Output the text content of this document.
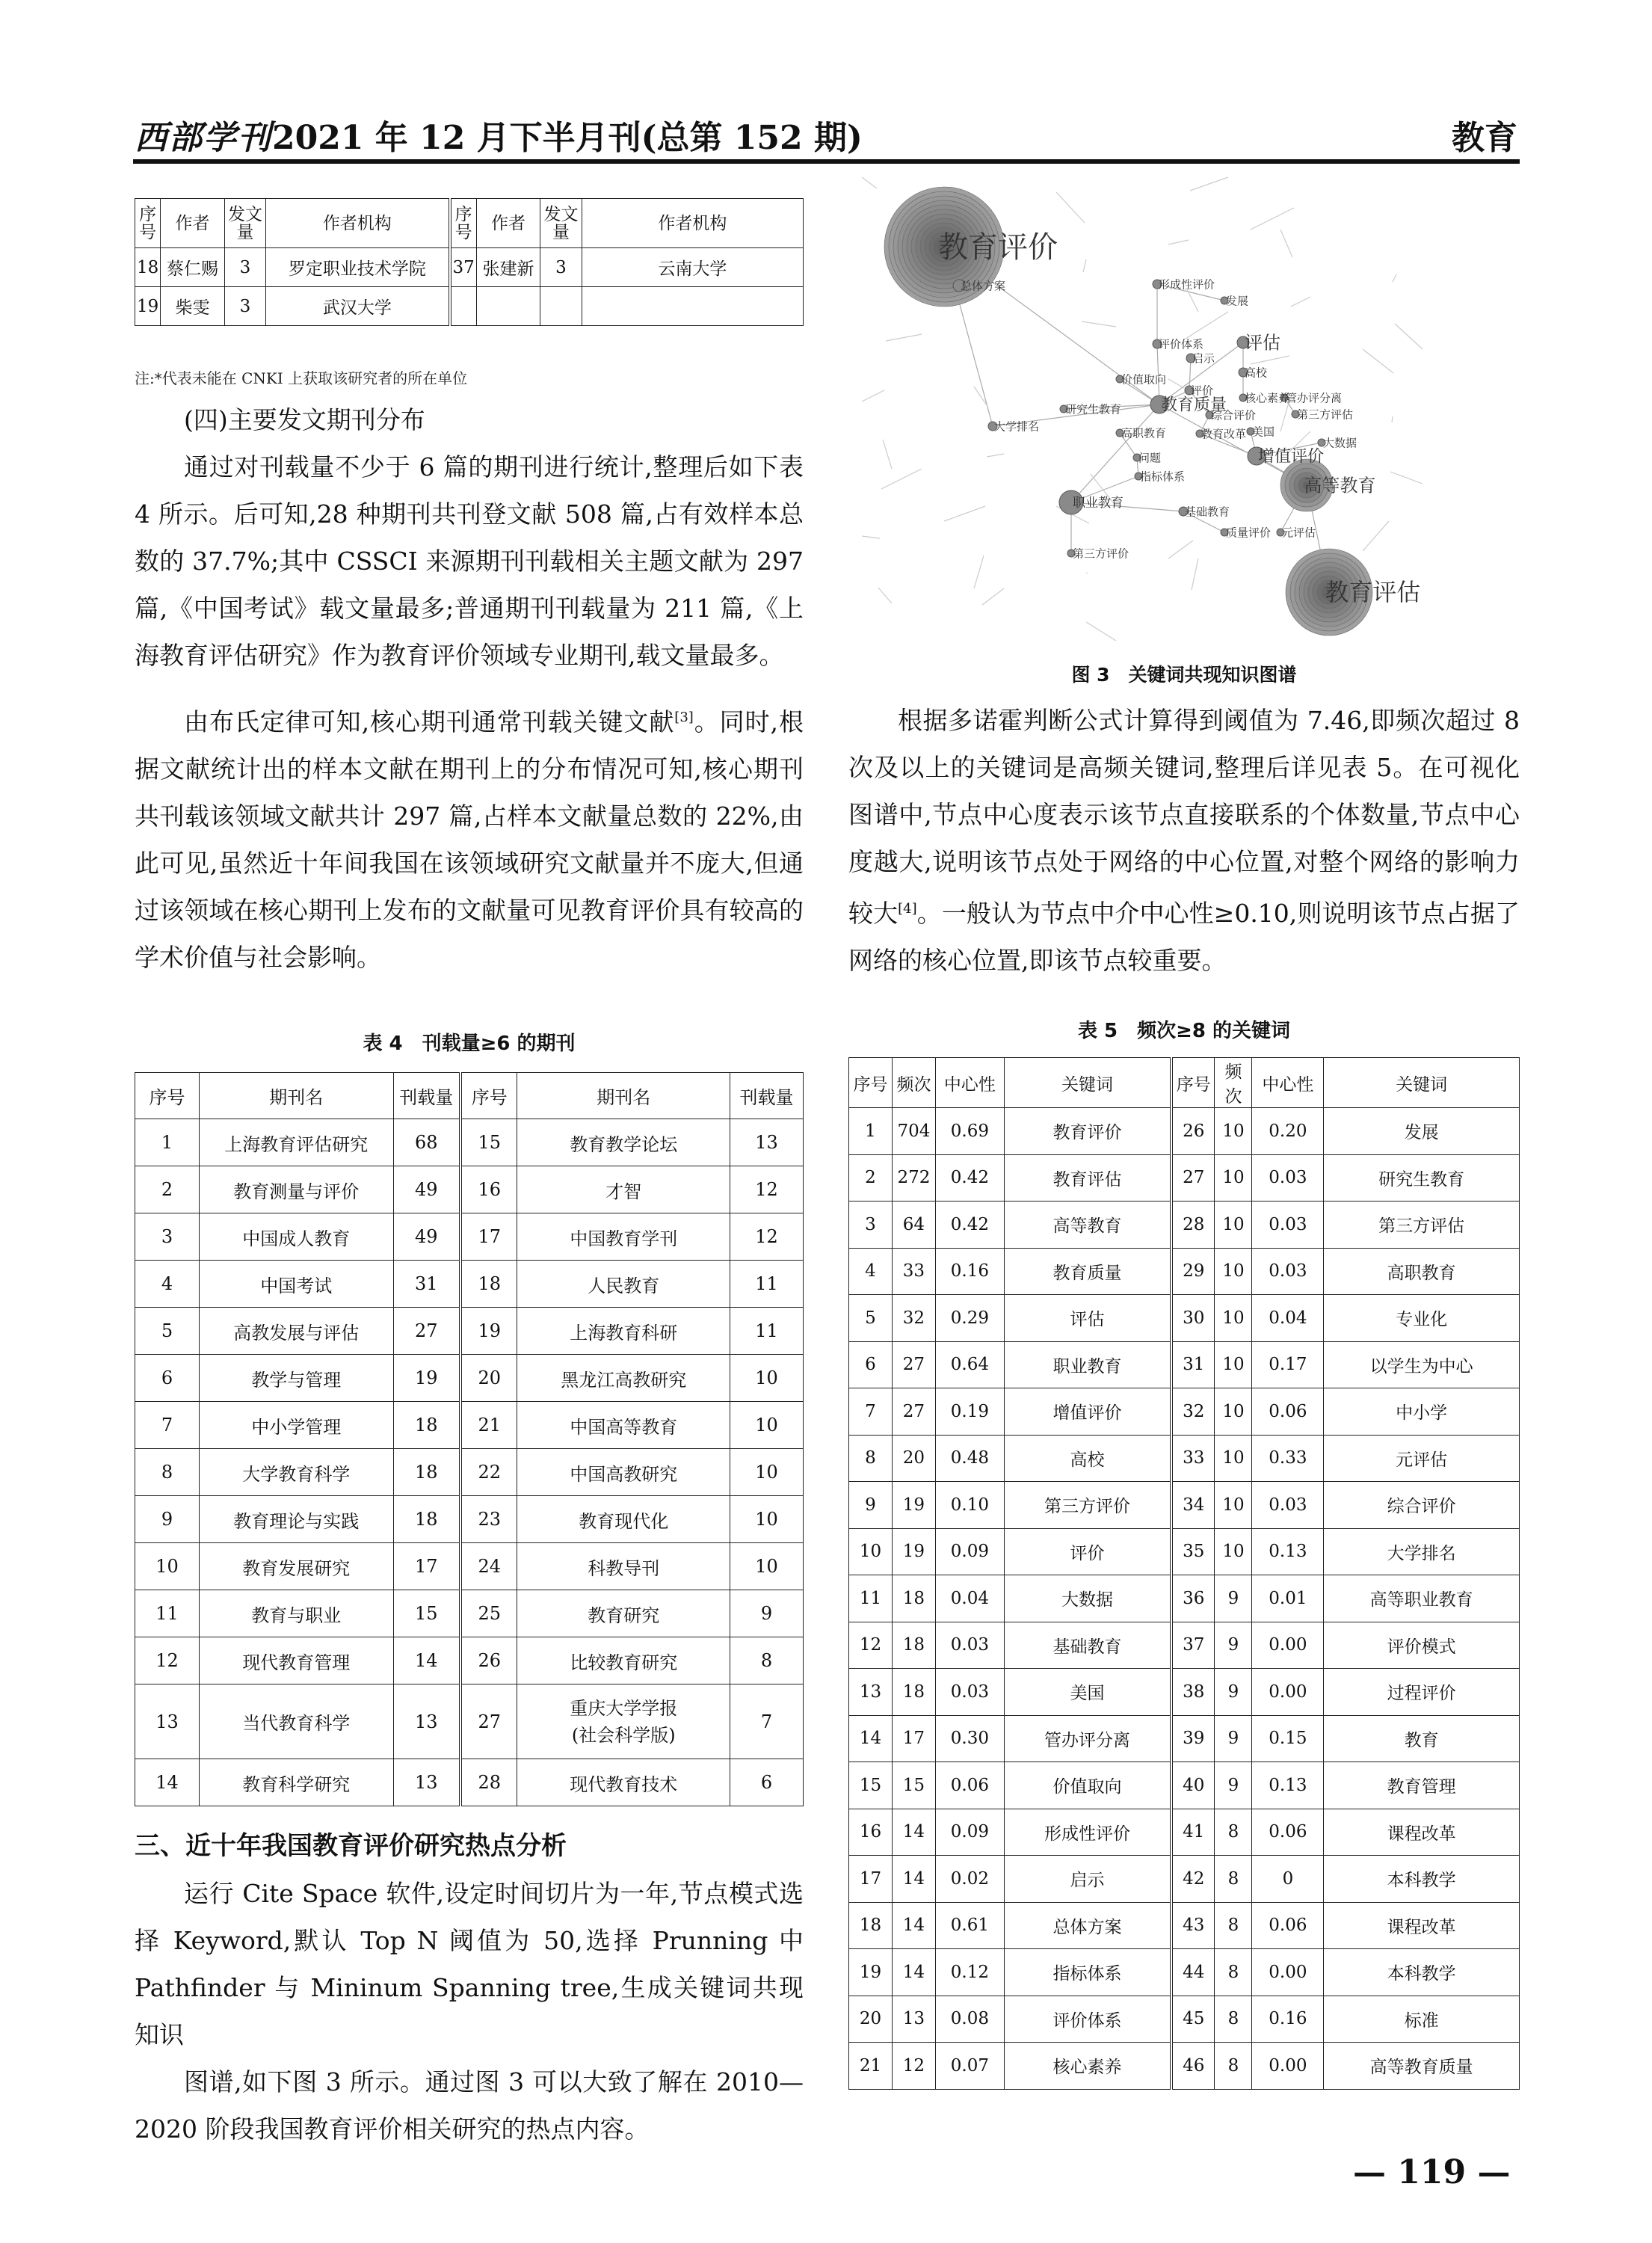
西部学刊2021 年 12 月下半月刊(总第 152 期)	教育
序号	作者	发文量	作者机构	序号	作者	发文量	作者机构
18	蔡仁赐	3	罗定职业技术学院	37	张建新	3	云南大学
19	柴雯	3	武汉大学				
注:*代表未能在 CNKI 上获取该研究者的所在单位
(四)主要发文期刊分布

通过对刊载量不少于 6 篇的期刊进行统计,整理后如下表 4 所示。后可知,28 种期刊共刊登文献 508 篇,占有效样本总数的 37.7%;其中 CSSCI 来源期刊刊载相关主题文献为 297 篇,《中国考试》载文量最多;普通期刊刊载量为 211 篇,《上海教育评估研究》作为教育评价领域专业期刊,载文量最多。

由布氏定律可知,核心期刊通常刊载关键文献[3]。同时,根据文献统计出的样本文献在期刊上的分布情况可知,核心期刊共刊载该领域文献共计 297 篇,占样本文献量总数的 22%,由此可见,虽然近十年间我国在该领域研究文献量并不庞大,但通过该领域在核心期刊上发布的文献量可见教育评价具有较高的学术价值与社会影响。

表 4　刊载量≥6 的期刊
序号	期刊名	刊载量	序号	期刊名	刊载量
1	上海教育评估研究	68	15	教育教学论坛	13
2	教育测量与评价	49	16	才智	12
3	中国成人教育	49	17	中国教育学刊	12
4	中国考试	31	18	人民教育	11
5	高教发展与评估	27	19	上海教育科研	11
6	教学与管理	19	20	黑龙江高教研究	10
7	中小学管理	18	21	中国高等教育	10
8	大学教育科学	18	22	中国高教研究	10
9	教育理论与实践	18	23	教育现代化	10
10	教育发展研究	17	24	科教导刊	10
11	教育与职业	15	25	教育研究	9
12	现代教育管理	14	26	比较教育研究	8
13	当代教育科学	13	27	重庆大学学报
(社会科学版)	7
14	教育科学研究	13	28	现代教育技术	6
三、近十年我国教育评价研究热点分析

运行 Cite Space 软件,设定时间切片为一年,节点模式选择 Keyword,默认 Top N 阈值为 50,选择 Prunning 中 Pathfinder 与 Mininum Spanning tree,生成关键词共现知识

图谱,如下图 3 所示。通过图 3 可以大致了解在 2010—2020 阶段我国教育评价相关研究的热点内容。

教育评价
总体方案	形成性评价
发展
评价体系 评估
启示
高校
价值取向
评价
核心素养
管办评分离
研究生教育 教育质量
综合评价	第三方评估
大学排名	高职教育	教育改革 美国
大数据
问题	增值评价
指标体系	高等教育
职业教育
基础教育
质量评价 元评估
第三方评价
教育评估
图 3　关键词共现知识图谱

根据多诺霍判断公式计算得到阈值为 7.46,即频次超过 8 次及以上的关键词是高频关键词,整理后详见表 5。在可视化图谱中,节点中心度表示该节点直接联系的个体数量,节点中心度越大,说明该节点处于网络的中心位置,对整个网络的影响力较大[4]。一般认为节点中介中心性≥0.10,则说明该节点占据了网络的核心位置,即该节点较重要。

表 5　频次≥8 的关键词
序号	频次	中心性	关键词	序号	频次	中心性	关键词
1	704	0.69	教育评价	26	10	0.20	发展
2	272	0.42	教育评估	27	10	0.03	研究生教育
3	64	0.42	高等教育	28	10	0.03	第三方评估
4	33	0.16	教育质量	29	10	0.03	高职教育
5	32	0.29	评估	30	10	0.04	专业化
6	27	0.64	职业教育	31	10	0.17	以学生为中心
7	27	0.19	增值评价	32	10	0.06	中小学
8	20	0.48	高校	33	10	0.33	元评估
9	19	0.10	第三方评价	34	10	0.03	综合评价
10	19	0.09	评价	35	10	0.13	大学排名
11	18	0.04	大数据	36	9	0.01	高等职业教育
12	18	0.03	基础教育	37	9	0.00	评价模式
13	18	0.03	美国	38	9	0.00	过程评价
14	17	0.30	管办评分离	39	9	0.15	教育
15	15	0.06	价值取向	40	9	0.13	教育管理
16	14	0.09	形成性评价	41	8	0.06	课程改革
17	14	0.02	启示	42	8	0	本科教学
18	14	0.61	总体方案	43	8	0.06	课程改革
19	14	0.12	指标体系	44	8	0.00	本科教学
20	13	0.08	评价体系	45	8	0.16	标准
21	12	0.07	核心素养	46	8	0.00	高等教育质量
— 119 —
